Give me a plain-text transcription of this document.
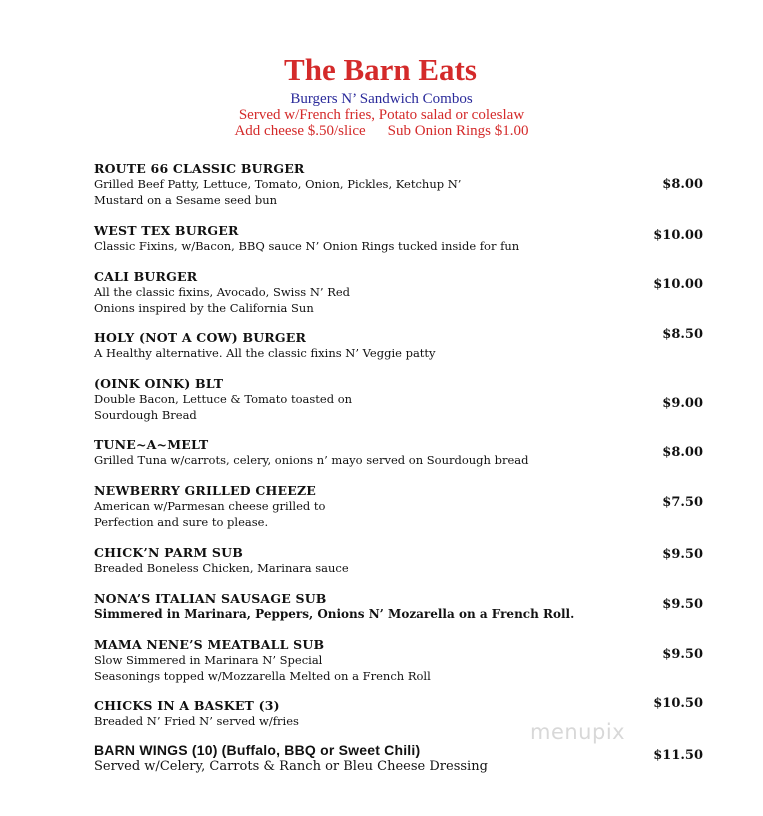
The Barn Eats
Burgers N’ Sandwich Combos
Served w/French fries, Potato salad or coleslaw
Add cheese $.50/slice Sub Onion Rings $1.00
ROUTE 66 CLASSIC BURGER
Grilled Beef Patty, Lettuce, Tomato, Onion, Pickles, Ketchup N’
Mustard on a Sesame seed bun
$8.00
WEST TEX BURGER
Classic Fixins, w/Bacon, BBQ sauce N’ Onion Rings tucked inside for fun
$10.00
CALI BURGER
All the classic fixins, Avocado, Swiss N’ Red
Onions inspired by the California Sun
$10.00
HOLY (NOT A COW) BURGER
A Healthy alternative. All the classic fixins N’ Veggie patty
$8.50
(OINK OINK) BLT
Double Bacon, Lettuce & Tomato toasted on
Sourdough Bread
$9.00
TUNE~A~MELT
Grilled Tuna w/carrots, celery, onions n’ mayo served on Sourdough bread	$8.00
NEWBERRY GRILLED CHEEZE
American w/Parmesan cheese grilled to
Perfection and sure to please.
$7.50
CHICK’N PARM SUB
Breaded Boneless Chicken, Marinara sauce
$9.50
NONA’S ITALIAN SAUSAGE SUB
Simmered in Marinara, Peppers, Onions N’ Mozarella on a French Roll.
$9.50
MAMA NENE’S MEATBALL SUB
Slow Simmered in Marinara N’ Special
Seasonings topped w/Mozzarella Melted on a French Roll
$9.50
CHICKS IN A BASKET (3)
Breaded N’ Fried N’ served w/fries
$10.50
BARN WINGS (10) (Buffalo, BBQ or Sweet Chili)
Served w/Celery, Carrots & Ranch or Bleu Cheese Dressing
$11.50
menupix
